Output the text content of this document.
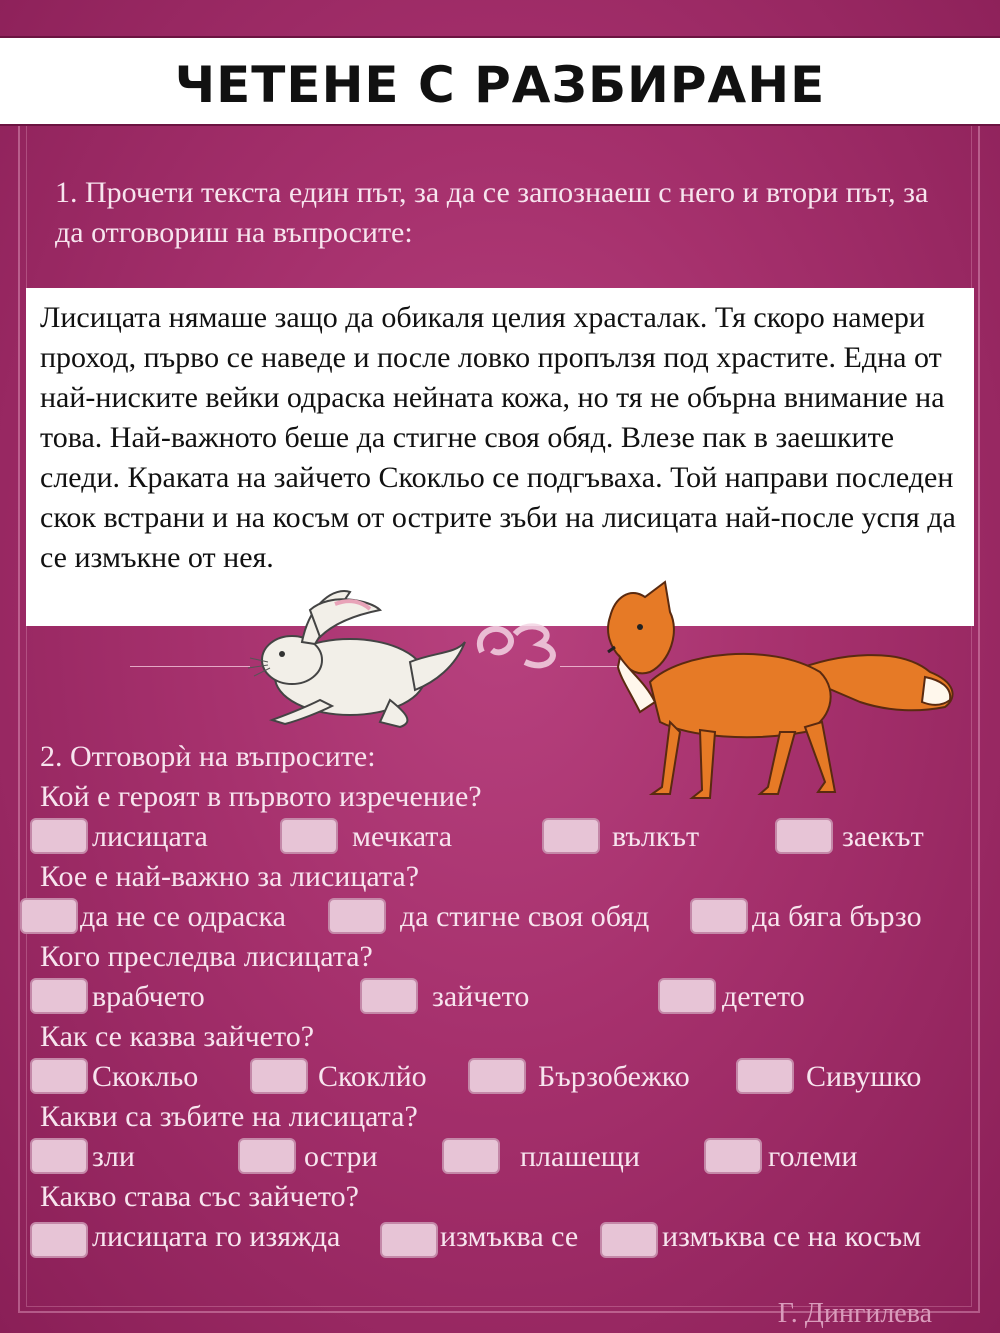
ЧЕТЕНЕ С РАЗБИРАНЕ
1. Прочети текста един път, за да се запознаеш с него и втори път, за да отговориш на въпросите:

Лисицата нямаше защо да обикаля целия храсталак. Тя скоро намери проход, първо се наведе и после ловко пропълзя под храстите. Една от най-ниските вейки одраска нейната кожа, но тя не обърна внимание на това. Най-важното беше да стигне своя обяд. Влезе пак в заешките следи. Краката на зайчето Скокльо се подгъваха. Той направи последен скок встрани и на косъм от острите зъби на лисицата най-после успя да се измъкне от нея.

2. Отговорѝ на въпросите:
Кой е героят в първото изречение?
лисицата	мечката	вълкът	заекът
Кое е най-важно за лисицата?
да не се одраска	да стигне своя обяд	да бяга бързо
Кого преследва лисицата?
врабчето	зайчето	детето
Как се казва зайчето?
Скокльо	Скоклйо	Бързобежко	Сивушко
Какви са зъбите на лисицата?
зли	остри	плашещи	големи
Какво става със зайчето?
лисицата го изяжда	измъква се	измъква се на косъм
Г. Дингилева
